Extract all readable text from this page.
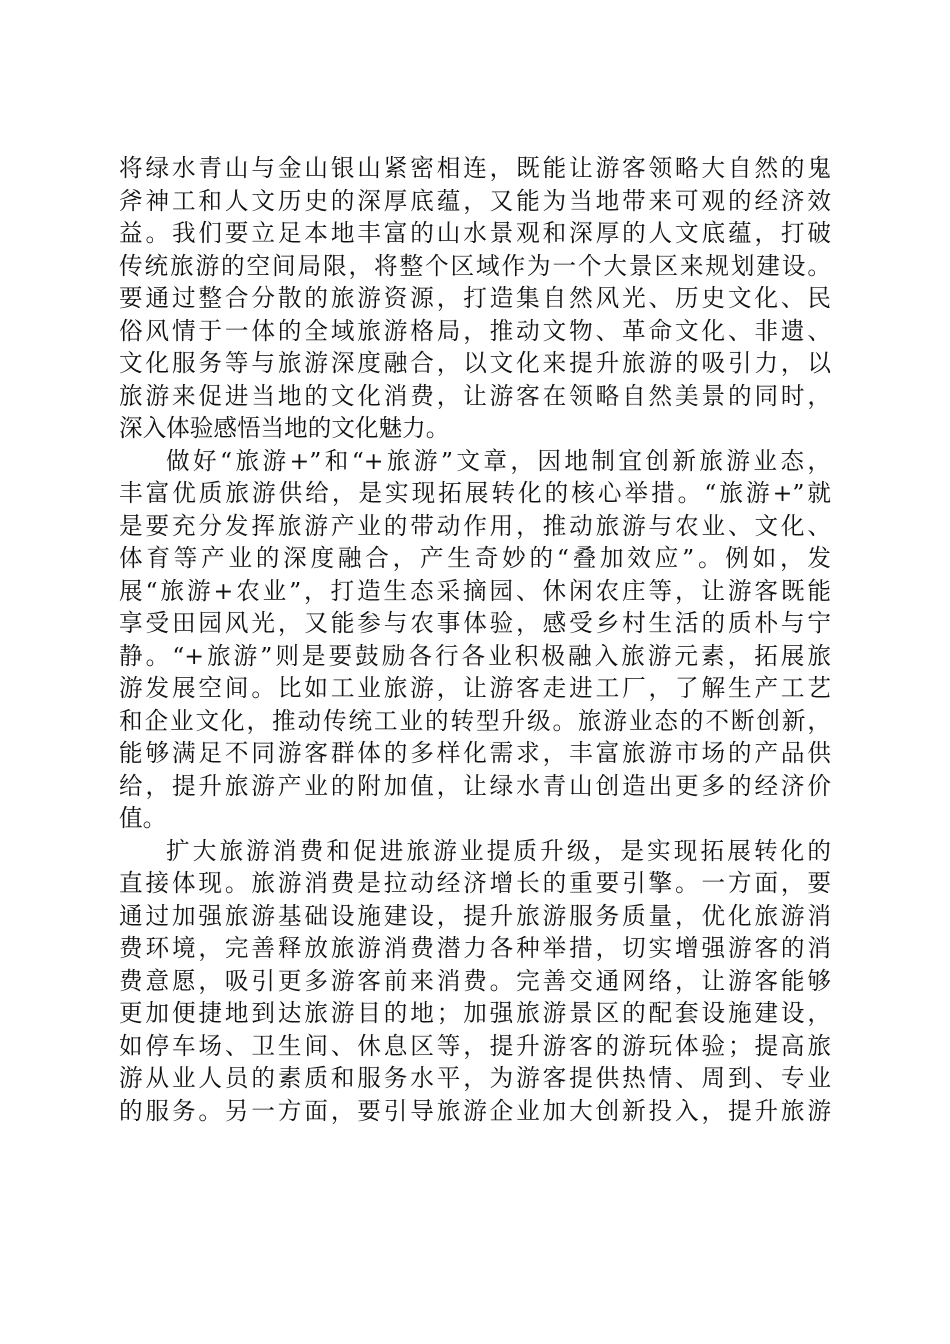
将绿水青山与金山银山紧密相连，既能让游客领略大自然的鬼
斧神工和人文历史的深厚底蕴，又能为当地带来可观的经济效
益。我们要立足本地丰富的山水景观和深厚的人文底蕴，打破
传统旅游的空间局限，将整个区域作为一个大景区来规划建设。
要通过整合分散的旅游资源，打造集自然风光、历史文化、民
俗风情于一体的全域旅游格局，推动文物、革命文化、非遗、
文化服务等与旅游深度融合，以文化来提升旅游的吸引力，以
旅游来促进当地的文化消费，让游客在领略自然美景的同时，
深入体验感悟当地的文化魅力。
做好“旅游+”和“+旅游”文章，因地制宜创新旅游业态，
丰富优质旅游供给，是实现拓展转化的核心举措。“旅游+”就
是要充分发挥旅游产业的带动作用，推动旅游与农业、文化、
体育等产业的深度融合，产生奇妙的“叠加效应”。例如，发
展“旅游+农业”，打造生态采摘园、休闲农庄等，让游客既能
享受田园风光，又能参与农事体验，感受乡村生活的质朴与宁
静。“+旅游”则是要鼓励各行各业积极融入旅游元素，拓展旅
游发展空间。比如工业旅游，让游客走进工厂，了解生产工艺
和企业文化，推动传统工业的转型升级。旅游业态的不断创新，
能够满足不同游客群体的多样化需求，丰富旅游市场的产品供
给，提升旅游产业的附加值，让绿水青山创造出更多的经济价
值。
扩大旅游消费和促进旅游业提质升级，是实现拓展转化的
直接体现。旅游消费是拉动经济增长的重要引擎。一方面，要
通过加强旅游基础设施建设，提升旅游服务质量，优化旅游消
费环境，完善释放旅游消费潜力各种举措，切实增强游客的消
费意愿，吸引更多游客前来消费。完善交通网络，让游客能够
更加便捷地到达旅游目的地；加强旅游景区的配套设施建设，
如停车场、卫生间、休息区等，提升游客的游玩体验；提高旅
游从业人员的素质和服务水平，为游客提供热情、周到、专业
的服务。另一方面，要引导旅游企业加大创新投入，提升旅游
